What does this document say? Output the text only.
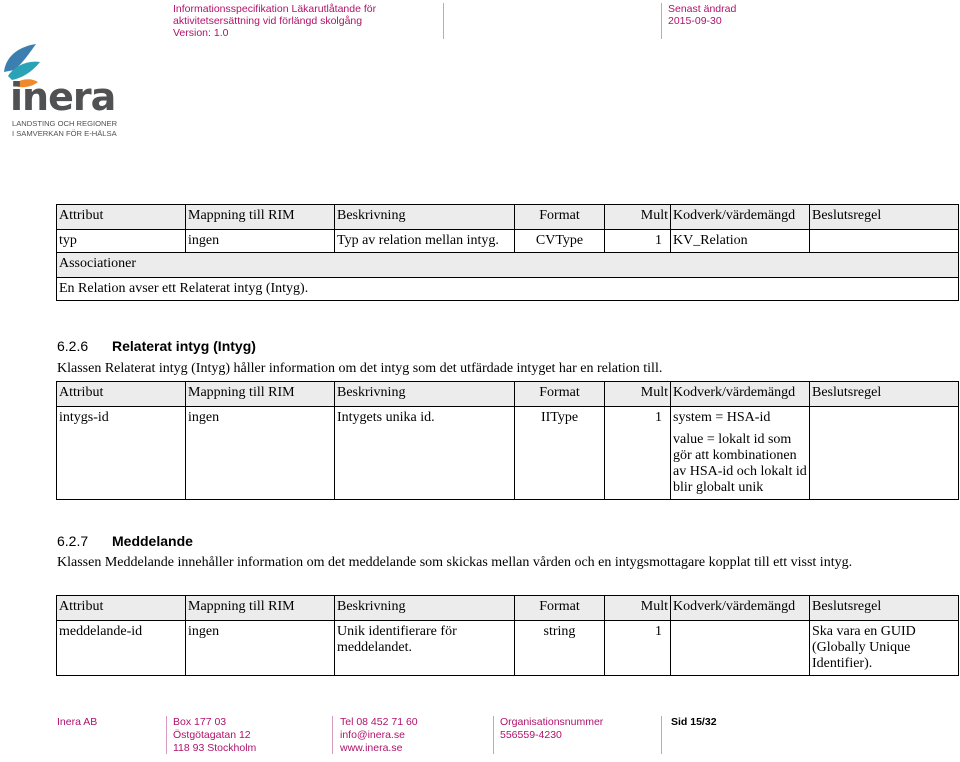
Informationsspecifikation Läkarutlåtande för
aktivitetsersättning vid förlängd skolgång
Version: 1.0
Senast ändrad
2015-09-30
inera
LANDSTING OCH REGIONER
I SAMVERKAN FÖR E-HÄLSA
Attribut	Mappning till RIM	Beskrivning	Format	Mult	Kodverk/värdemängd	Beslutsregel
typ	ingen	Typ av relation mellan intyg.	CVType	1	KV_Relation	
Associationer						
En Relation avser ett Relaterat intyg (Intyg).						
6.2.6 Relaterat intyg (Intyg)
Klassen Relaterat intyg (Intyg) håller information om det intyg som det utfärdade intyget har en relation till.
Attribut	Mappning till RIM	Beskrivning	Format	Mult	Kodverk/värdemängd	Beslutsregel
intygs-id	ingen	Intygets unika id.	IIType	1	system = HSA-id
value = lokalt id som gör att kombinationen av HSA-id och lokalt id blir globalt unik	

6.2.7 Meddelande
Klassen Meddelande innehåller information om det meddelande som skickas mellan vården och en intygsmottagare kopplat till ett visst intyg.
Attribut	Mappning till RIM	Beskrivning	Format	Mult	Kodverk/värdemängd	Beslutsregel
meddelande-id	ingen	Unik identifierare för meddelandet.	string	1		Ska vara en GUID (Globally Unique Identifier).
Inera AB	Box 177 03
Östgötagatan 12
118 93 Stockholm
Tel 08 452 71 60
info@inera.se
www.inera.se
Organisationsnummer
556559-4230
Sid 15/32
